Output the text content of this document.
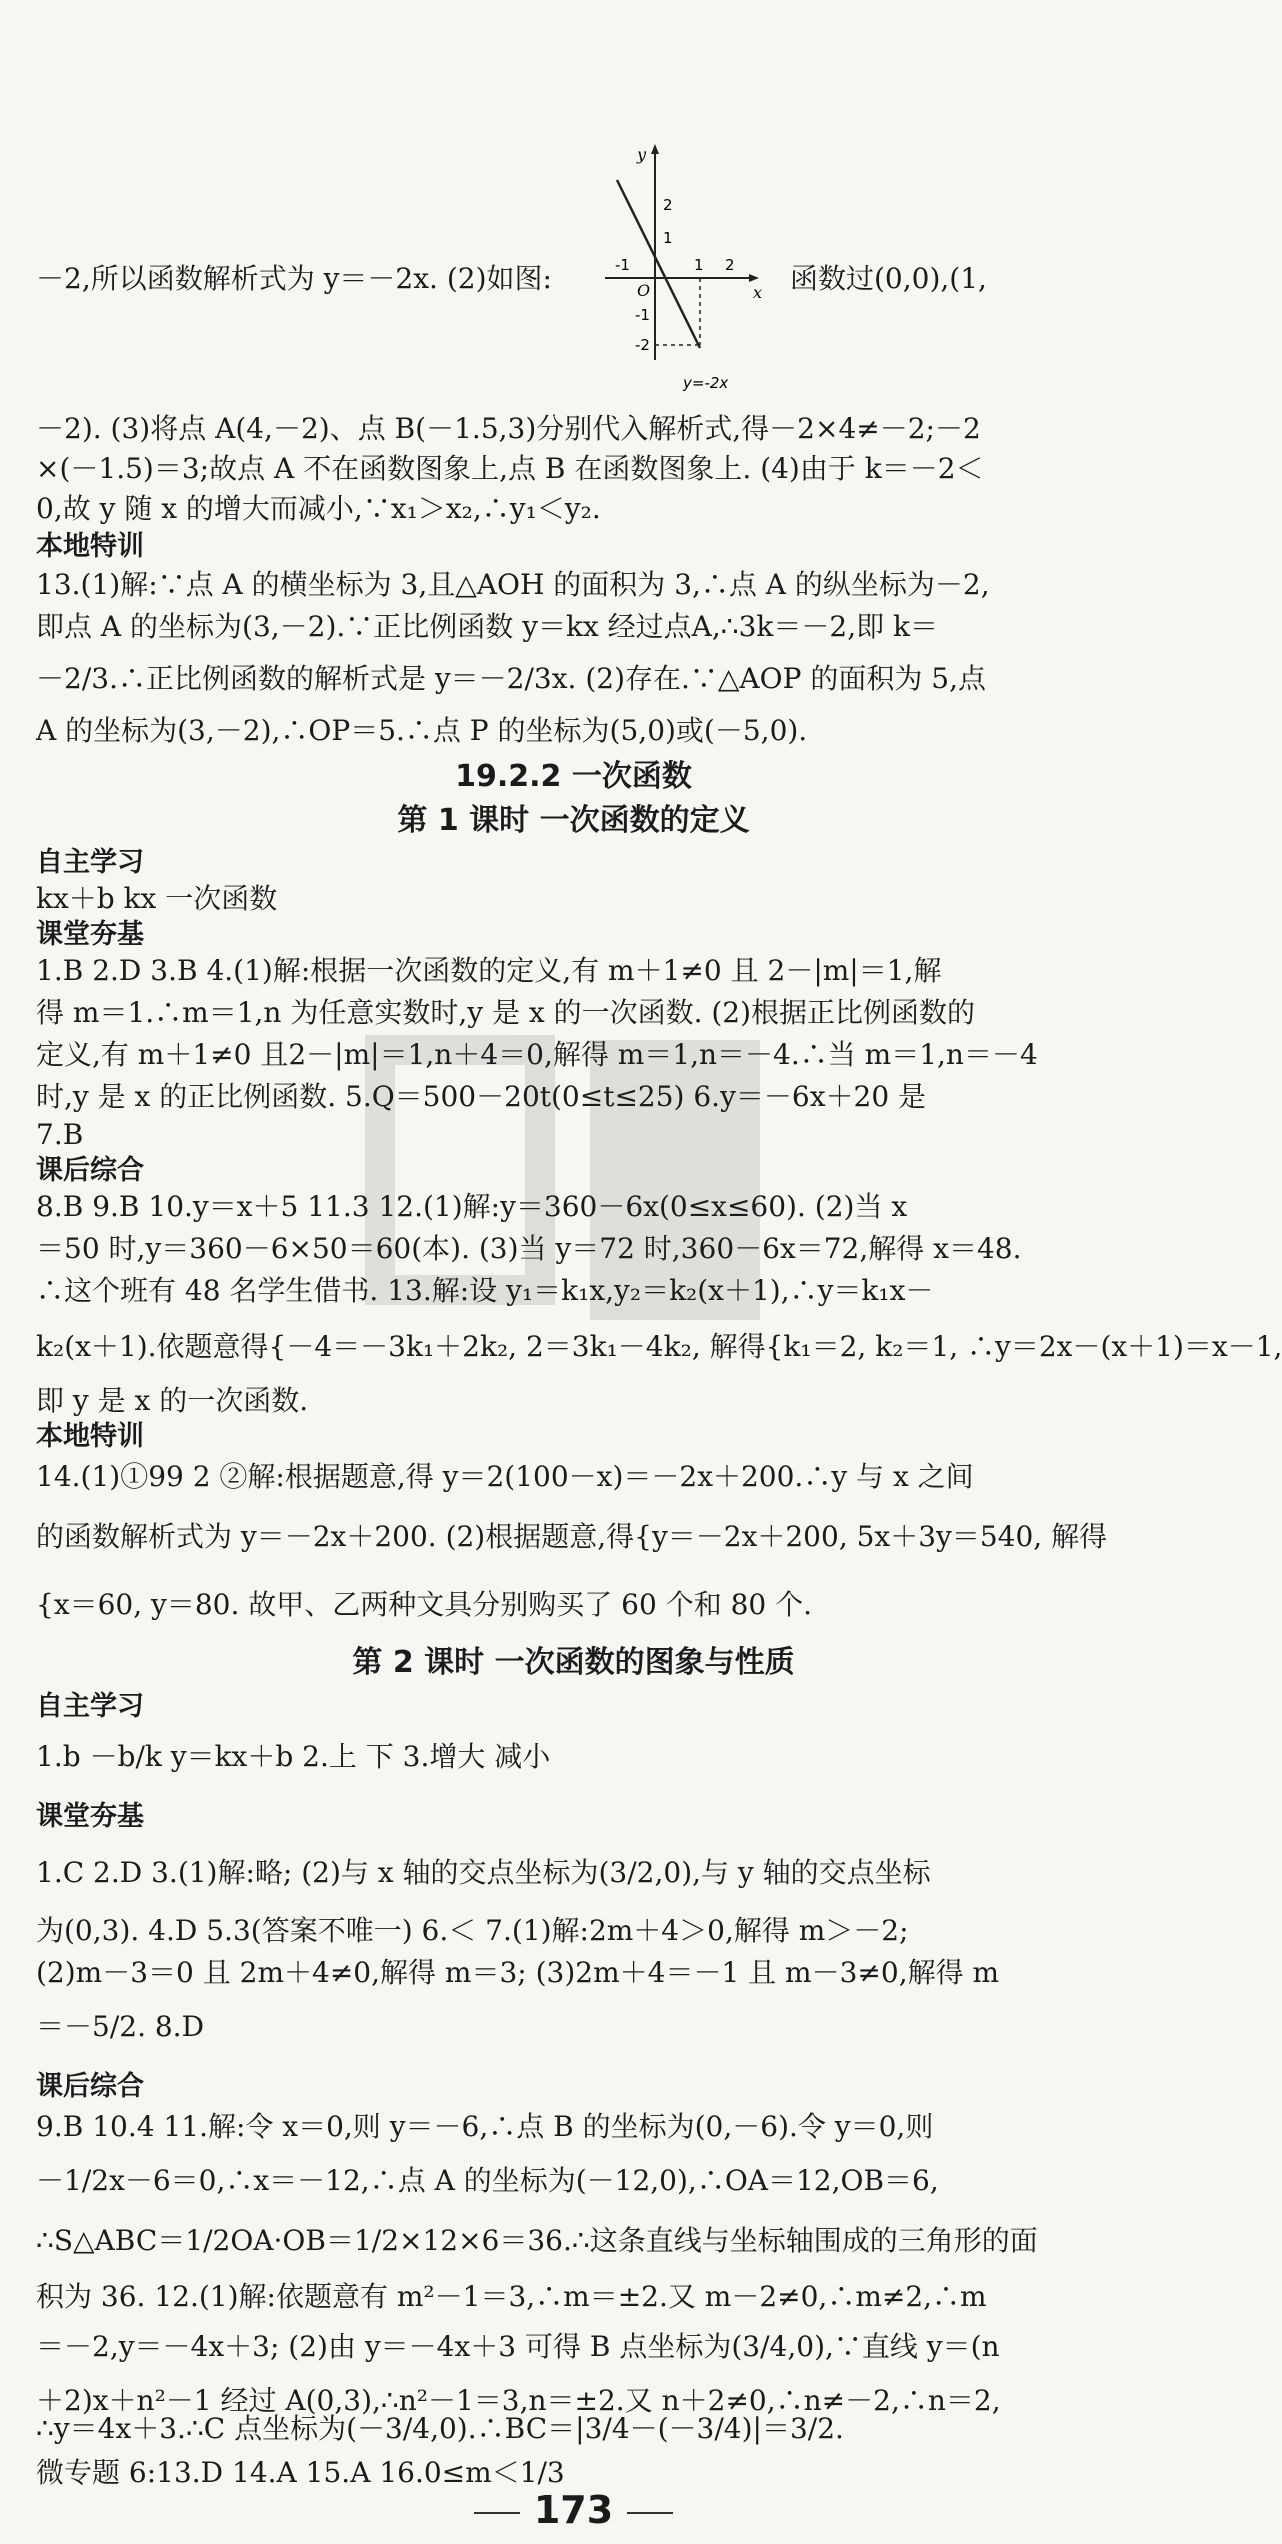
y
x
O
2
1
-1
-2
-1	1 2
y=-2x
－2,所以函数解析式为 y＝－2x. (2)如图:	函数过(0,0),(1,
－2). (3)将点 A(4,－2)、点 B(－1.5,3)分别代入解析式,得－2×4≠－2;－2
×(－1.5)＝3;故点 A 不在函数图象上,点 B 在函数图象上. (4)由于 k＝－2＜
0,故 y 随 x 的增大而减小,∵x₁＞x₂,∴y₁＜y₂.
本地特训
13.(1)解:∵点 A 的横坐标为 3,且△AOH 的面积为 3,∴点 A 的纵坐标为－2,
即点 A 的坐标为(3,－2).∵正比例函数 y＝kx 经过点A,∴3k＝－2,即 k＝
－2/3.∴正比例函数的解析式是 y＝－2/3x. (2)存在.∵△AOP 的面积为 5,点
A 的坐标为(3,－2),∴OP＝5.∴点 P 的坐标为(5,0)或(－5,0).
19.2.2 一次函数
第 1 课时 一次函数的定义
自主学习
kx＋b kx 一次函数
课堂夯基
1.B 2.D 3.B 4.(1)解:根据一次函数的定义,有 m＋1≠0 且 2－|m|＝1,解
得 m＝1.∴m＝1,n 为任意实数时,y 是 x 的一次函数. (2)根据正比例函数的
定义,有 m＋1≠0 且2－|m|＝1,n＋4＝0,解得 m＝1,n＝－4.∴当 m＝1,n＝－4
时,y 是 x 的正比例函数. 5.Q＝500－20t(0≤t≤25) 6.y＝－6x＋20 是
7.B
课后综合
8.B 9.B 10.y＝x＋5 11.3 12.(1)解:y＝360－6x(0≤x≤60). (2)当 x
＝50 时,y＝360－6×50＝60(本). (3)当 y＝72 时,360－6x＝72,解得 x＝48.
∴这个班有 48 名学生借书. 13.解:设 y₁＝k₁x,y₂＝k₂(x＋1),∴y＝k₁x－
k₂(x＋1).依题意得{－4＝－3k₁＋2k₂, 2＝3k₁－4k₂, 解得{k₁＝2, k₂＝1, ∴y＝2x－(x＋1)＝x－1,
即 y 是 x 的一次函数.
本地特训
14.(1)①99 2 ②解:根据题意,得 y＝2(100－x)＝－2x＋200.∴y 与 x 之间
的函数解析式为 y＝－2x＋200. (2)根据题意,得{y＝－2x＋200, 5x＋3y＝540, 解得
{x＝60, y＝80. 故甲、乙两种文具分别购买了 60 个和 80 个.
第 2 课时 一次函数的图象与性质
自主学习
1.b －b/k y＝kx＋b 2.上 下 3.增大 减小
课堂夯基
1.C 2.D 3.(1)解:略; (2)与 x 轴的交点坐标为(3/2,0),与 y 轴的交点坐标
为(0,3). 4.D 5.3(答案不唯一) 6.＜ 7.(1)解:2m＋4＞0,解得 m＞－2;
(2)m－3＝0 且 2m＋4≠0,解得 m＝3; (3)2m＋4＝－1 且 m－3≠0,解得 m
＝－5/2. 8.D
课后综合
9.B 10.4 11.解:令 x＝0,则 y＝－6,∴点 B 的坐标为(0,－6).令 y＝0,则
－1/2x－6＝0,∴x＝－12,∴点 A 的坐标为(－12,0),∴OA＝12,OB＝6,
∴S△ABC＝1/2OA·OB＝1/2×12×6＝36.∴这条直线与坐标轴围成的三角形的面
积为 36. 12.(1)解:依题意有 m²－1＝3,∴m＝±2.又 m－2≠0,∴m≠2,∴m
＝－2,y＝－4x＋3; (2)由 y＝－4x＋3 可得 B 点坐标为(3/4,0),∵直线 y＝(n
＋2)x＋n²－1 经过 A(0,3),∴n²－1＝3,n＝±2.又 n＋2≠0,∴n≠－2,∴n＝2,
∴y＝4x＋3.∴C 点坐标为(－3/4,0).∴BC＝|3/4－(－3/4)|＝3/2.
微专题 6:13.D 14.A 15.A 16.0≤m＜1/3
173
